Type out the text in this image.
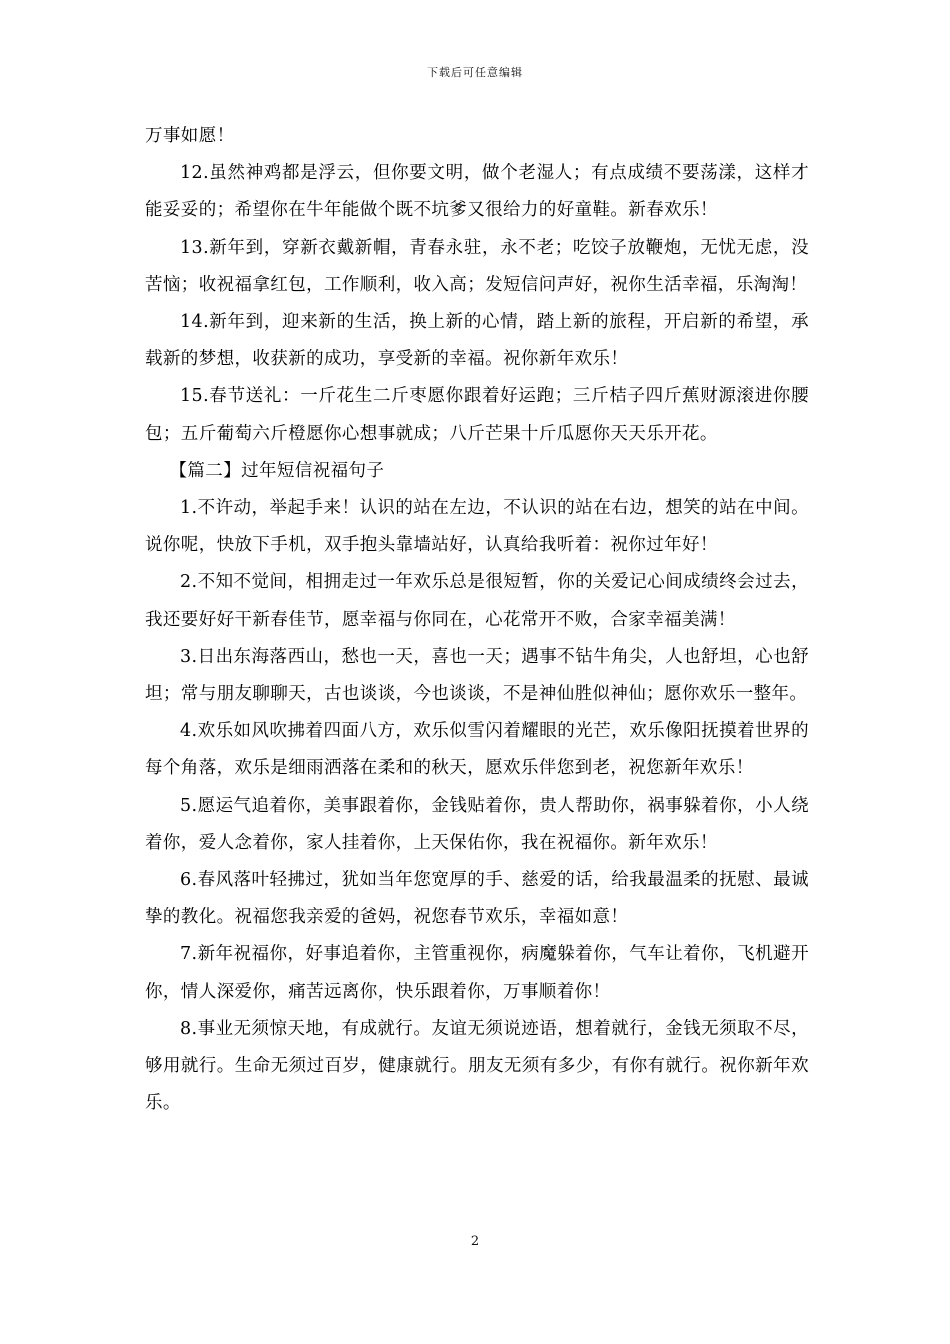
下载后可任意编辑

万事如愿！

12.虽然神鸡都是浮云，但你要文明，做个老湿人；有点成绩不要荡漾，这样才能妥妥的；希望你在牛年能做个既不坑爹又很给力的好童鞋。新春欢乐！

13.新年到，穿新衣戴新帽，青春永驻，永不老；吃饺子放鞭炮，无忧无虑，没苦恼；收祝福拿红包，工作顺利，收入高；发短信问声好，祝你生活幸福，乐淘淘！

14.新年到，迎来新的生活，换上新的心情，踏上新的旅程，开启新的希望，承载新的梦想，收获新的成功，享受新的幸福。祝你新年欢乐！

15.春节送礼：一斤花生二斤枣愿你跟着好运跑；三斤桔子四斤蕉财源滚进你腰包；五斤葡萄六斤橙愿你心想事就成；八斤芒果十斤瓜愿你天天乐开花。

【篇二】过年短信祝福句子

1.不许动，举起手来！认识的站在左边，不认识的站在右边，想笑的站在中间。说你呢，快放下手机，双手抱头靠墙站好，认真给我听着：祝你过年好！

2.不知不觉间，相拥走过一年欢乐总是很短暂，你的关爱记心间成绩终会过去，我还要好好干新春佳节，愿幸福与你同在，心花常开不败，合家幸福美满！

3.日出东海落西山，愁也一天，喜也一天；遇事不钻牛角尖，人也舒坦，心也舒坦；常与朋友聊聊天，古也谈谈，今也谈谈，不是神仙胜似神仙；愿你欢乐一整年。

4.欢乐如风吹拂着四面八方，欢乐似雪闪着耀眼的光芒，欢乐像阳抚摸着世界的每个角落，欢乐是细雨洒落在柔和的秋天，愿欢乐伴您到老，祝您新年欢乐！

5.愿运气追着你，美事跟着你，金钱贴着你，贵人帮助你，祸事躲着你，小人绕着你，爱人念着你，家人挂着你，上天保佑你，我在祝福你。新年欢乐！

6.春风落叶轻拂过，犹如当年您宽厚的手、慈爱的话，给我最温柔的抚慰、最诚挚的教化。祝福您我亲爱的爸妈，祝您春节欢乐，幸福如意！

7.新年祝福你，好事追着你，主管重视你，病魔躲着你，气车让着你，飞机避开你，情人深爱你，痛苦远离你，快乐跟着你，万事顺着你！

8.事业无须惊天地，有成就行。友谊无须说迹语，想着就行，金钱无须取不尽，够用就行。生命无须过百岁，健康就行。朋友无须有多少，有你有就行。祝你新年欢乐。

2
